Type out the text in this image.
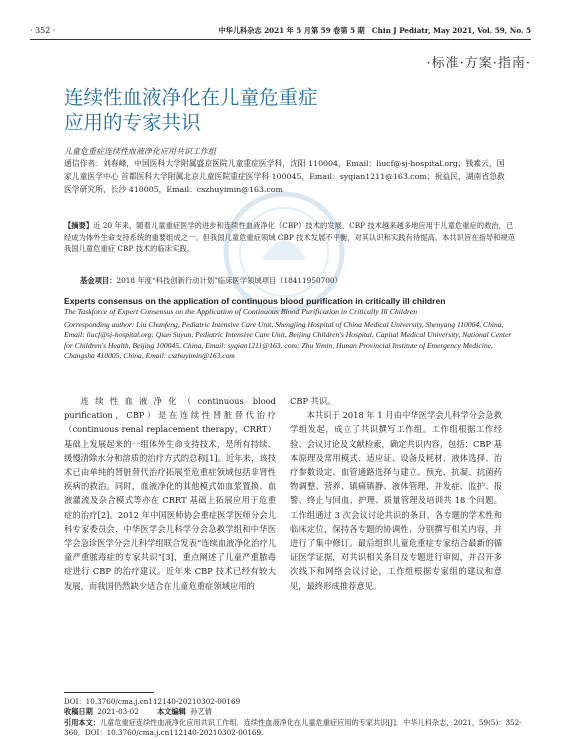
· 352 ·	中华儿科杂志 2021 年 5 月第 59 卷第 5 期　Chin J Pediatr, May 2021, Vol. 59, No. 5
·标准·方案·指南·
连续性血液净化在儿童危重症
应用的专家共识
儿童危重症连续性血液净化应用共识工作组
通信作者：刘春峰，中国医科大学附属盛京医院儿童重症医学科，沈阳 110004，Email：liucf@sj-hospital.org；钱素云，国家儿童医学中心 首都医科大学附属北京儿童医院重症医学科 100045，Email：syqian1211@163.com；祝益民，湖南省急救医学研究所，长沙 410005，Email：cszhuyimin@163.com
【摘要】近 20 年来，随着儿童重症医学的进步和连续性血液净化（CBP）技术的发展，CBP 技术越来越多地应用于儿童危重症的救治，已经成为体外生命支持系统的重要组成之一。但我国儿童危重症领域 CBP 技术发展不平衡，对其认识和实践有待提高。本共识旨在指导和规范我国儿童危重症 CBP 技术的临床实践。
基金项目：2018 年度“科技创新行动计划”临床医学领域项目（18411950700）
Experts consensus on the application of continuous blood purification in critically ill children
The Taskforce of Expert Consensus on the Application of Continuous Blood Purification in Critically Ill Children
Corresponding author: Liu Chunfeng, Pediatric Intensive Care Unit, Shengjing Hospital of China Medical University, Shenyang 110004, China, Email: liucf@sj-hospital.org; Qian Suyun, Pediatric Intensive Care Unit, Beijing Children's Hospital, Capital Medical University, National Center for Children's Health, Beijing 100045, China, Email: syqian1211@163. com; Zhu Yimin, Hunan Provincial Institute of Emergency Medicine, Changsha 410005, China, Email: cszhuyimin@163.com

连续性血液净化（continuous blood purification，CBP）是在连续性肾脏替代治疗（continuous renal replacement therapy，CRRT）基础上发展起来的一组体外生命支持技术，是所有持续、缓慢清除水分和溶质的治疗方式的总称[1]。近年来，该技术已由单纯的肾脏替代治疗拓展至危重症领域包括非肾性疾病的救治。同时，血液净化的其他模式如血浆置换、血液灌流及杂合模式等亦在 CRRT 基础上拓展应用于危重症的治疗[2]。2012 年中国医师协会重症医学医师分会儿科专家委员会、中华医学会儿科学分会急救学组和中华医学会急诊医学分会儿科学组联合发表“连续血液净化治疗儿童严重脓毒症的专家共识”[3]，重点阐述了儿童严重脓毒症进行 CBP 的治疗建议。近年来 CBP 技术已经有较大发展，而我国仍然缺少适合在儿童危重症领域应用的

CBP 共识。

本共识于 2018 年 1 月由中华医学会儿科学分会急救学组发起，成立了共识撰写工作组。工作组根据工作经验、会议讨论及文献检索，确定共识内容，包括：CBP 基本原理及常用模式、适应证、设备及耗材、液体选择、治疗参数设定、血管通路选择与建立、预充、抗凝、抗菌药物调整、营养、镇痛镇静、液体管理、并发症、监护、报警、终止与回血、护理、质量管理及培训共 18 个问题。工作组通过 3 次会议讨论共识的条目，各专题的学术性和临床定位，保持各专题的协调性、分别撰写相关内容，并进行了集中修订。最后组织儿童危重症专家结合最新的循证医学证据，对共识相关条目及专题进行审阅，并召开多次线下和网络会议讨论，工作组根据专家组的建议和意见，最终形成推荐意见。

DOI：10.3760/cma.j.cn112140-20210302-00169
收稿日期 2021-03-02	本文编辑 孙艺倩
引用本文：儿童危重症连续性血液净化应用共识工作组．连续性血液净化在儿童危重症应用的专家共识[J]．中华儿科杂志，2021，59(5)：352-360．DOI：10.3760/cma.j.cn112140-20210302-00169.
